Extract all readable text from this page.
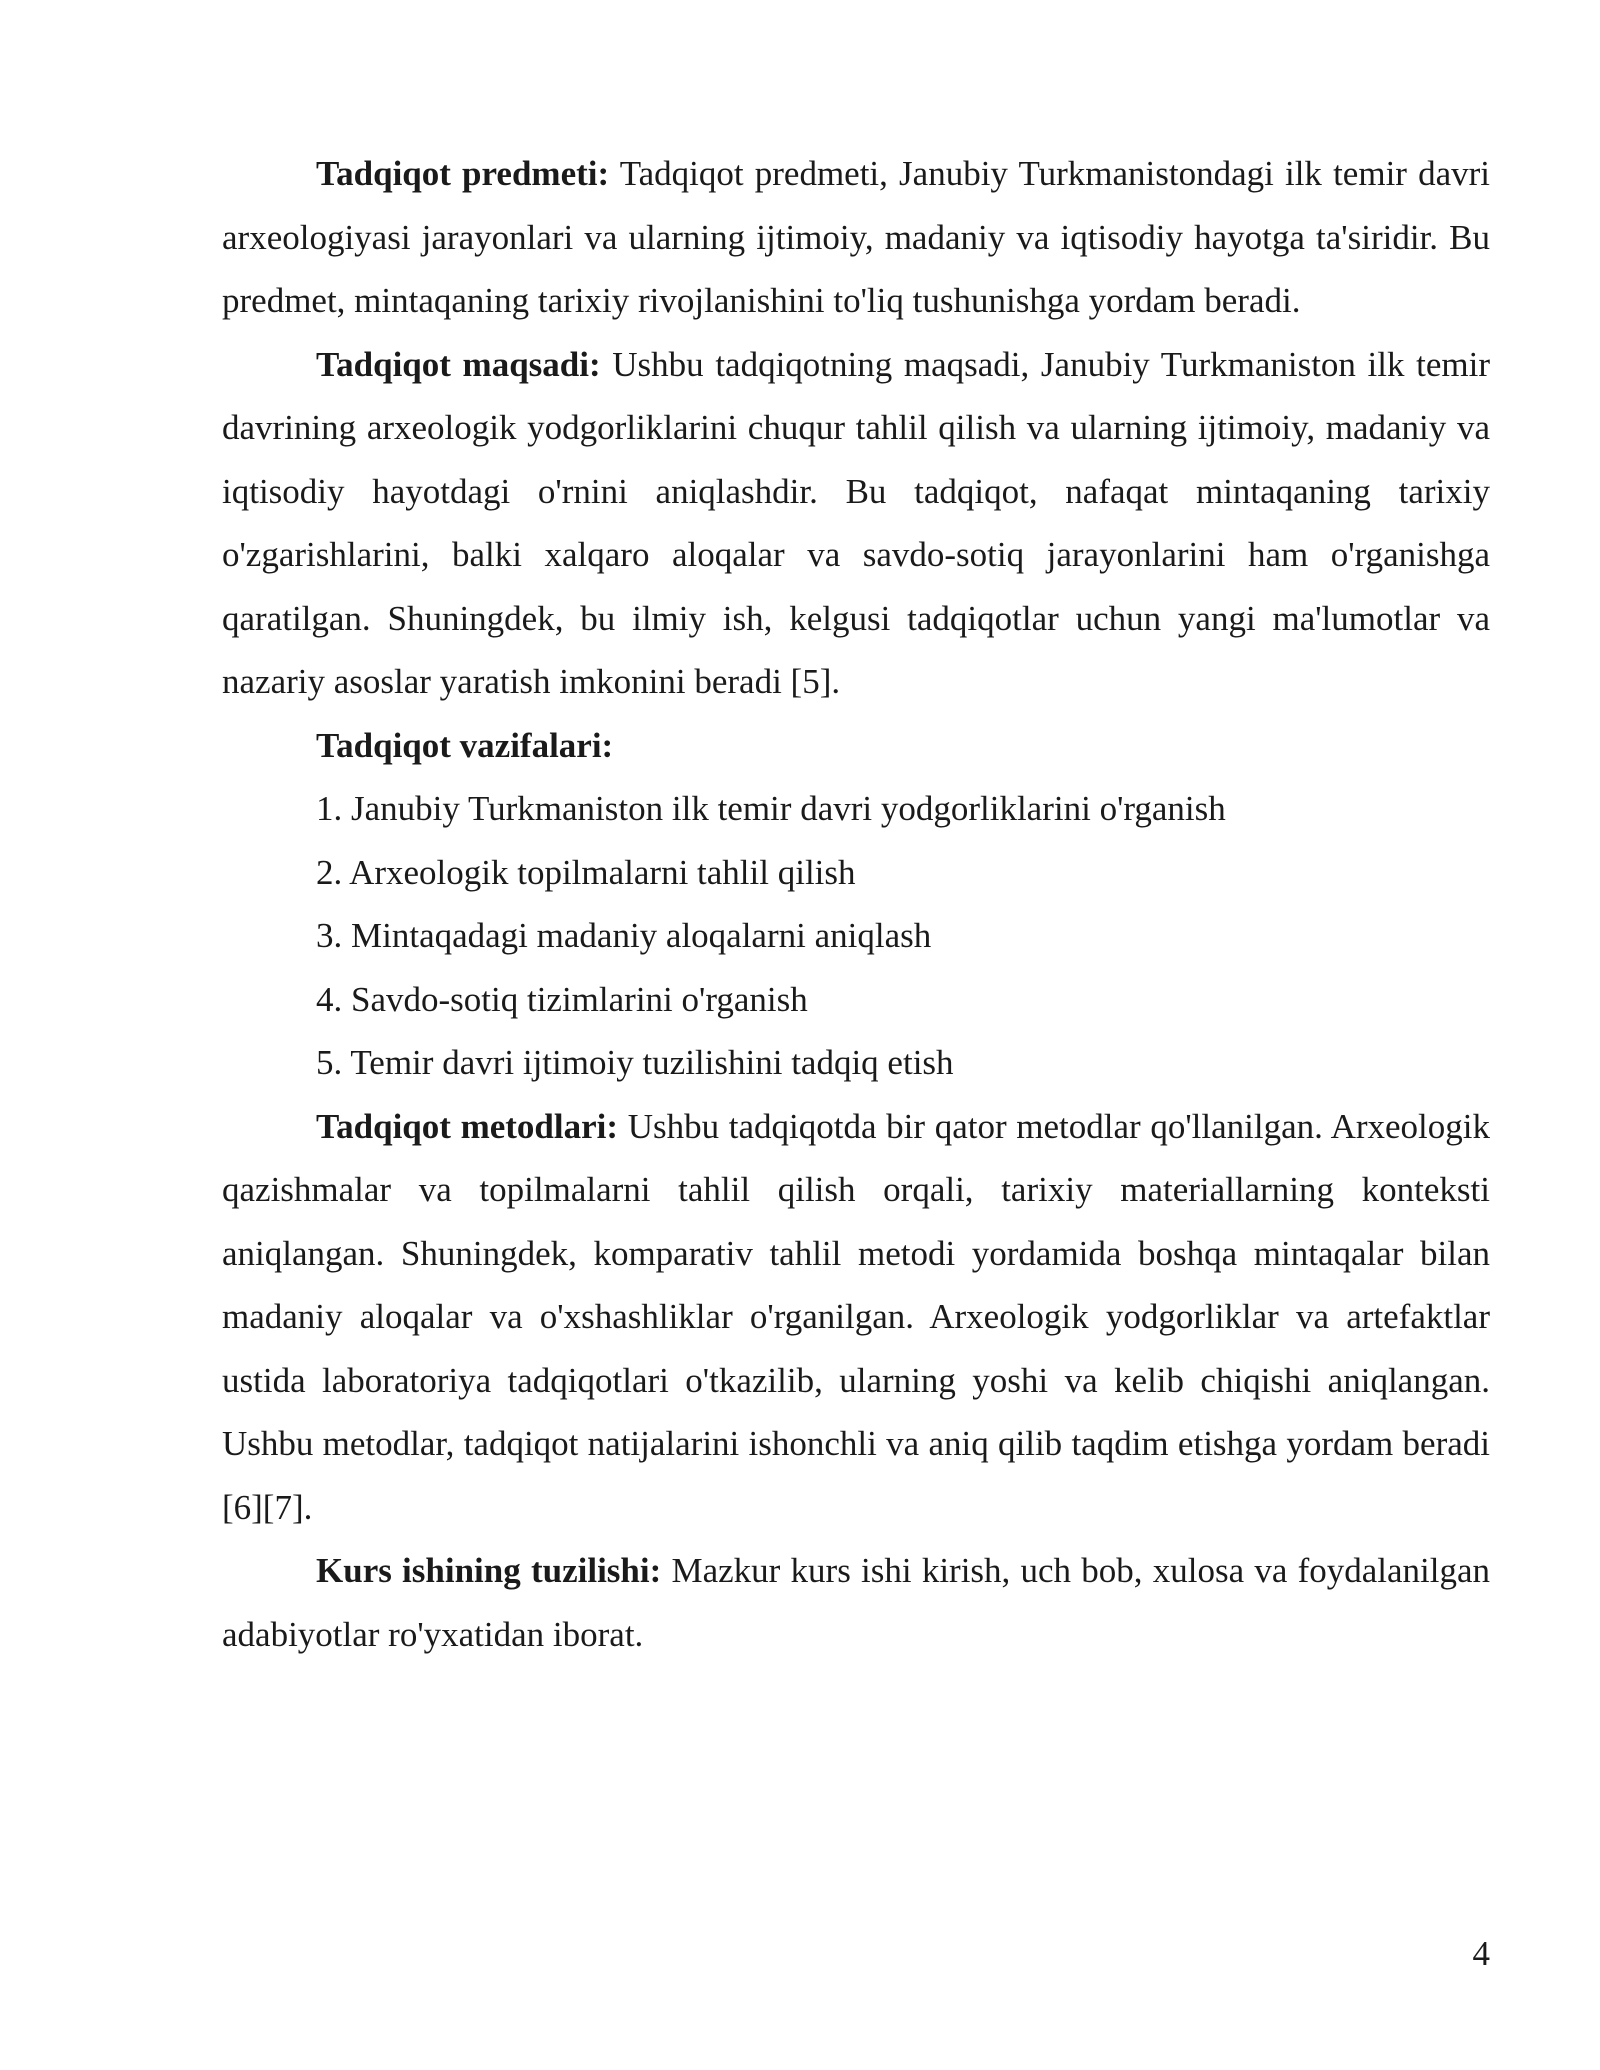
Tadqiqot predmeti: Tadqiqot predmeti, Janubiy Turkmanistondagi ilk temir davri arxeologiyasi jarayonlari va ularning ijtimoiy, madaniy va iqtisodiy hayotga ta'siridir. Bu predmet, mintaqaning tarixiy rivojlanishini to'liq tushunishga yordam beradi.

Tadqiqot maqsadi: Ushbu tadqiqotning maqsadi, Janubiy Turkmaniston ilk temir davrining arxeologik yodgorliklarini chuqur tahlil qilish va ularning ijtimoiy, madaniy va iqtisodiy hayotdagi o'rnini aniqlashdir. Bu tadqiqot, nafaqat mintaqaning tarixiy o'zgarishlarini, balki xalqaro aloqalar va savdo-sotiq jarayonlarini ham o'rganishga qaratilgan. Shuningdek, bu ilmiy ish, kelgusi tadqiqotlar uchun yangi ma'lumotlar va nazariy asoslar yaratish imkonini beradi [5].

Tadqiqot vazifalari:

1. Janubiy Turkmaniston ilk temir davri yodgorliklarini o'rganish
2. Arxeologik topilmalarni tahlil qilish
3. Mintaqadagi madaniy aloqalarni aniqlash
4. Savdo-sotiq tizimlarini o'rganish
5. Temir davri ijtimoiy tuzilishini tadqiq etish

Tadqiqot metodlari: Ushbu tadqiqotda bir qator metodlar qo'llanilgan. Arxeologik qazishmalar va topilmalarni tahlil qilish orqali, tarixiy materiallarning konteksti aniqlangan. Shuningdek, komparativ tahlil metodi yordamida boshqa mintaqalar bilan madaniy aloqalar va o'xshashliklar o'rganilgan. Arxeologik yodgorliklar va artefaktlar ustida laboratoriya tadqiqotlari o'tkazilib, ularning yoshi va kelib chiqishi aniqlangan. Ushbu metodlar, tadqiqot natijalarini ishonchli va aniq qilib taqdim etishga yordam beradi [6][7].

Kurs ishining tuzilishi: Mazkur kurs ishi kirish, uch bob, xulosa va foydalanilgan adabiyotlar ro'yxatidan iborat.

4
